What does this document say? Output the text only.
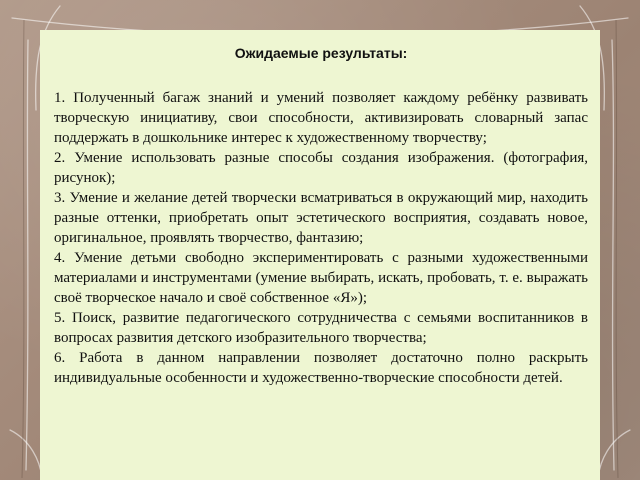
Ожидаемые результаты:
1. Полученный багаж знаний и умений позволяет каждому ребёнку развивать творческую инициативу, свои способности, активизировать словарный запас поддержать в дошкольнике интерес к художественному творчеству;
2. Умение использовать разные способы создания изображения. (фотография, рисунок);
3. Умение и желание детей творчески всматриваться в окружающий мир, находить разные оттенки, приобретать опыт эстетического восприятия, создавать новое, оригинальное, проявлять творчество, фантазию;
4. Умение детьми свободно экспериментировать с разными художественными материалами и инструментами (умение выбирать, искать, пробовать, т. е. выражать своё творческое начало и своё собственное «Я»);
5. Поиск, развитие педагогического сотрудничества с семьями воспитанников в вопросах развития детского изобразительного творчества;
6. Работа в данном направлении позволяет достаточно полно раскрыть индивидуальные особенности и художественно-творческие способности детей.
